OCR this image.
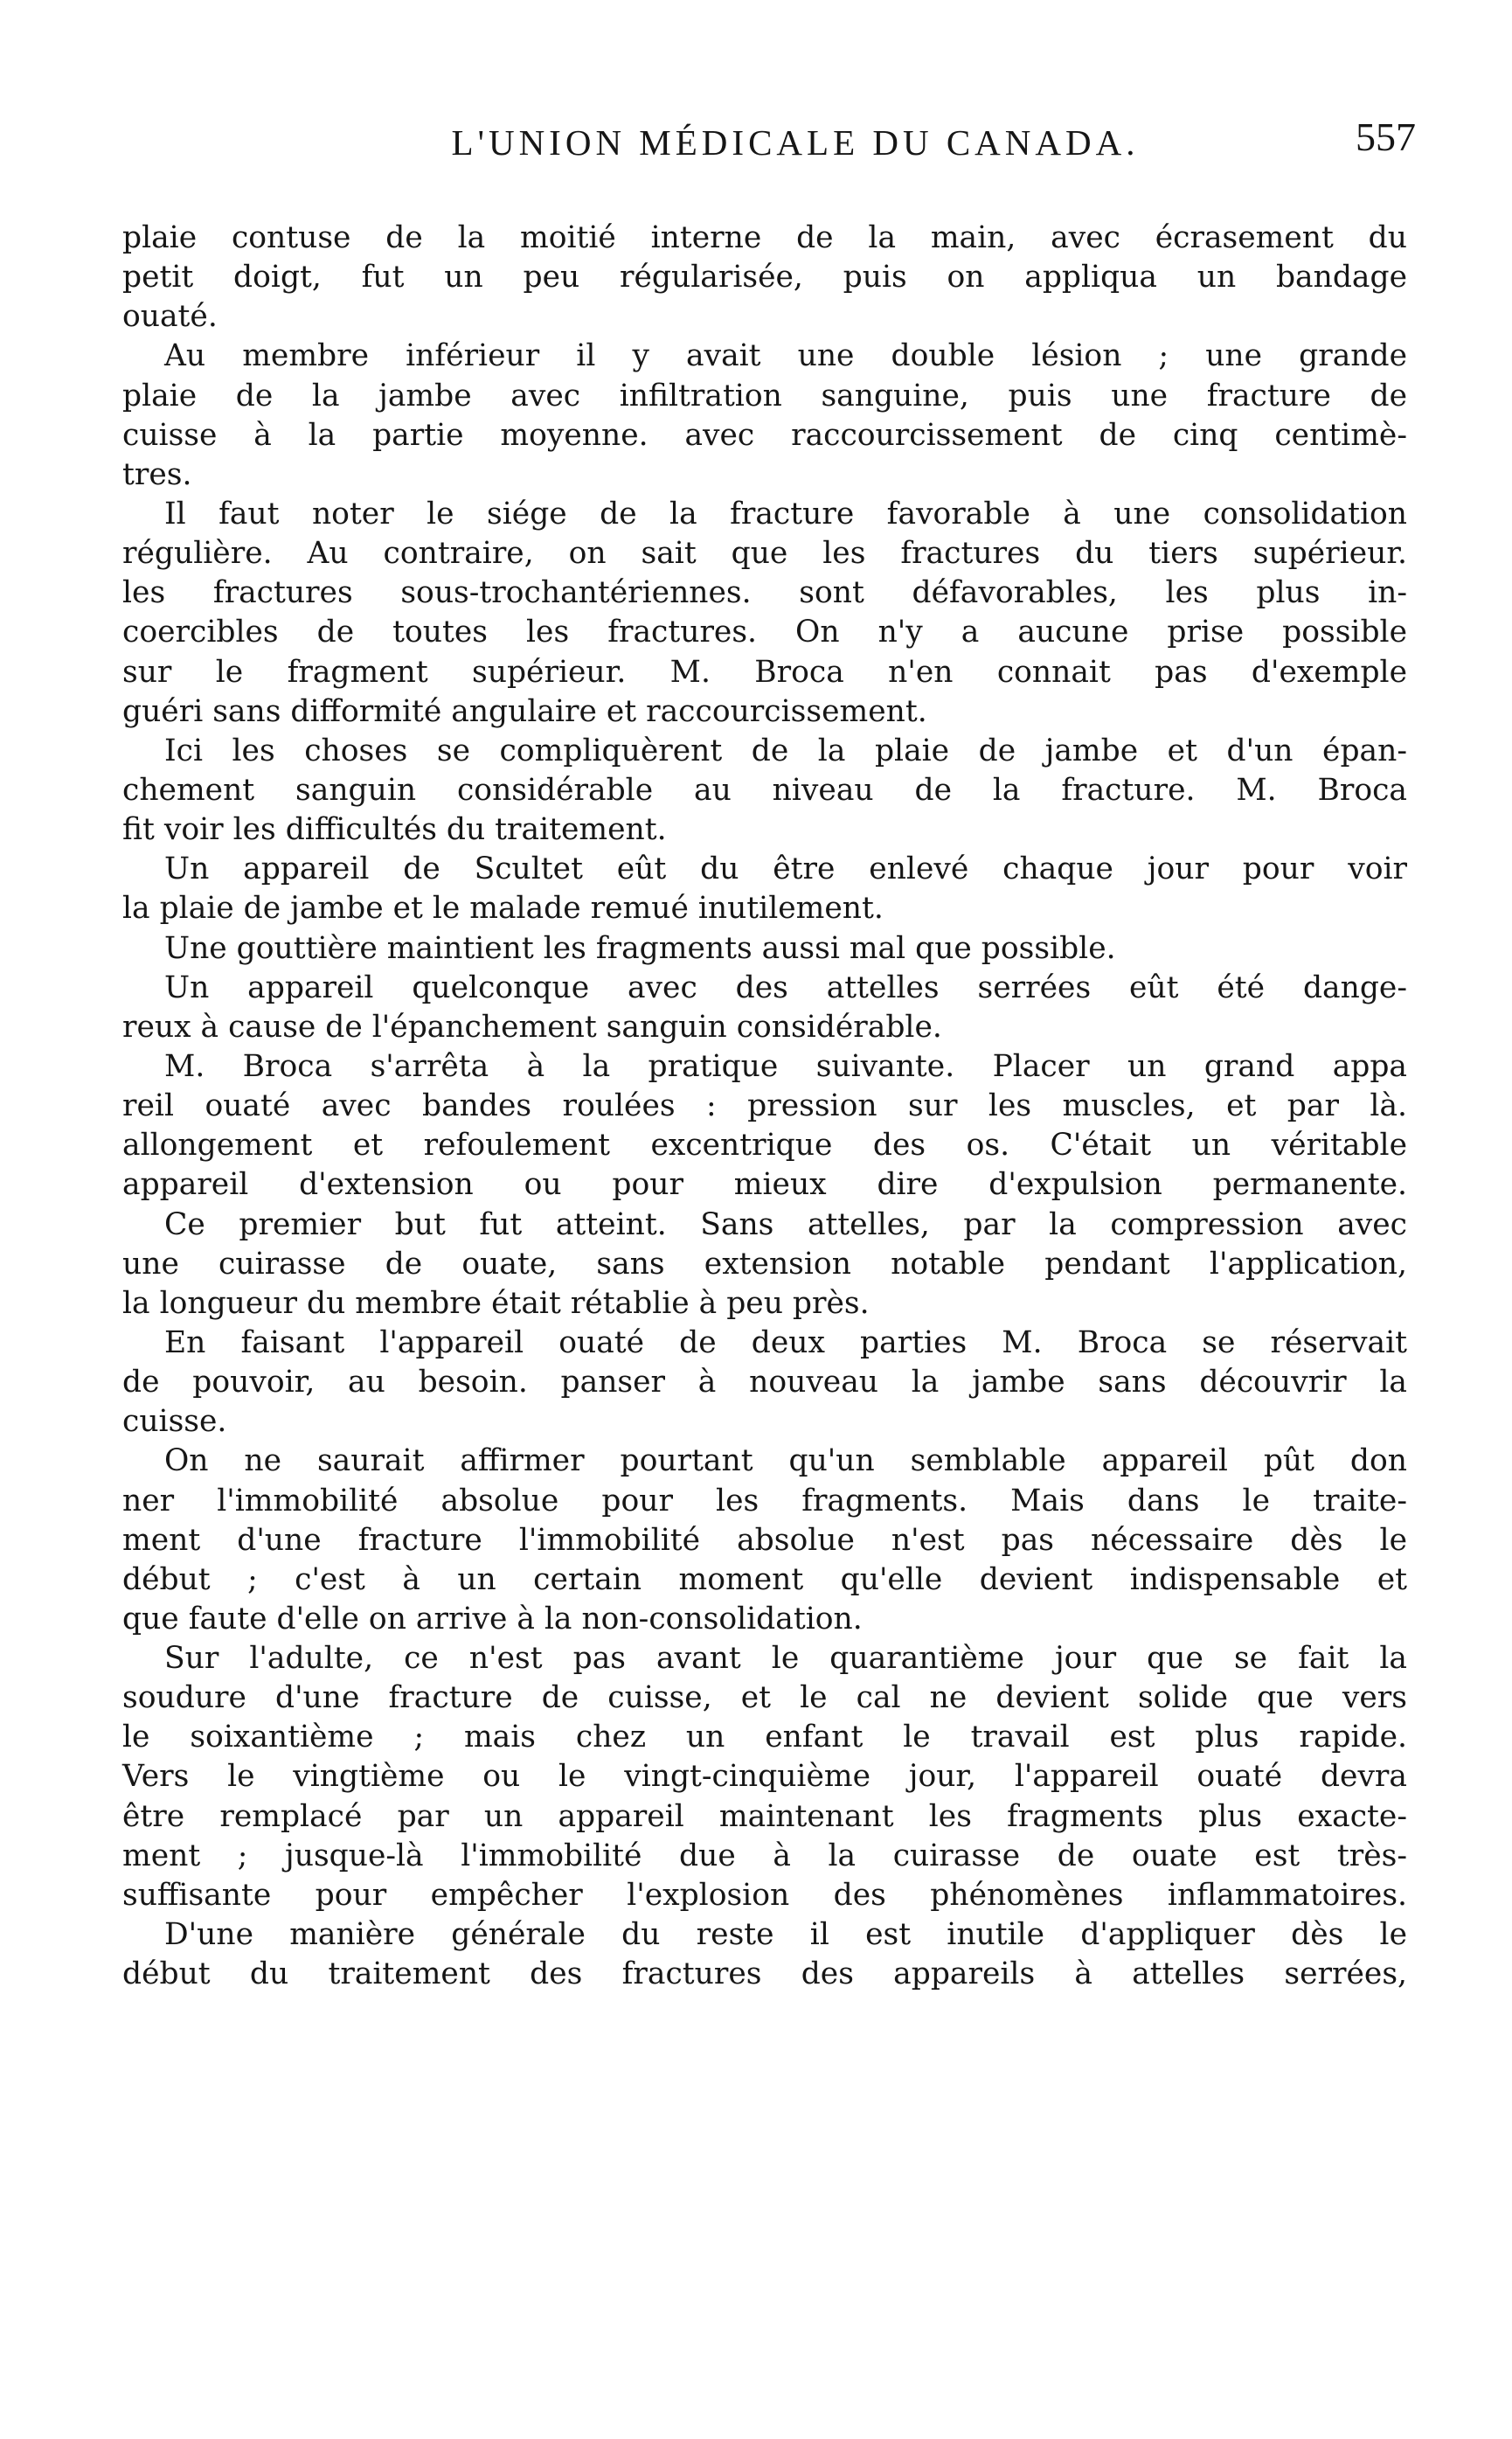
L'UNION MÉDICALE DU CANADA.	557
plaie contuse de la moitié interne de la main, avec écrasement du
petit doigt, fut un peu régularisée, puis on appliqua un bandage
ouaté.
Au membre inférieur il y avait une double lésion ; une grande
plaie de la jambe avec infiltration sanguine, puis une fracture de
cuisse à la partie moyenne. avec raccourcissement de cinq centimè-
tres.
Il faut noter le siége de la fracture favorable à une consolidation
régulière. Au contraire, on sait que les fractures du tiers supérieur.
les fractures sous-trochantériennes. sont défavorables, les plus in-
coercibles de toutes les fractures. On n'y a aucune prise possible
sur le fragment supérieur. M. Broca n'en connait pas d'exemple
guéri sans difformité angulaire et raccourcissement.
Ici les choses se compliquèrent de la plaie de jambe et d'un épan-
chement sanguin considérable au niveau de la fracture. M. Broca
fit voir les difficultés du traitement.
Un appareil de Scultet eût du être enlevé chaque jour pour voir
la plaie de jambe et le malade remué inutilement.
Une gouttière maintient les fragments aussi mal que possible.
Un appareil quelconque avec des attelles serrées eût été dange-
reux à cause de l'épanchement sanguin considérable.
M. Broca s'arrêta à la pratique suivante. Placer un grand appa
reil ouaté avec bandes roulées : pression sur les muscles, et par là.
allongement et refoulement excentrique des os. C'était un véritable
appareil d'extension ou pour mieux dire d'expulsion permanente.
Ce premier but fut atteint. Sans attelles, par la compression avec
une cuirasse de ouate, sans extension notable pendant l'application,
la longueur du membre était rétablie à peu près.
En faisant l'appareil ouaté de deux parties M. Broca se réservait
de pouvoir, au besoin. panser à nouveau la jambe sans découvrir la
cuisse.
On ne saurait affirmer pourtant qu'un semblable appareil pût don
ner l'immobilité absolue pour les fragments. Mais dans le traite-
ment d'une fracture l'immobilité absolue n'est pas nécessaire dès le
début ; c'est à un certain moment qu'elle devient indispensable et
que faute d'elle on arrive à la non-consolidation.
Sur l'adulte, ce n'est pas avant le quarantième jour que se fait la
soudure d'une fracture de cuisse, et le cal ne devient solide que vers
le soixantième ; mais chez un enfant le travail est plus rapide.
Vers le vingtième ou le vingt-cinquième jour, l'appareil ouaté devra
être remplacé par un appareil maintenant les fragments plus exacte-
ment ; jusque-là l'immobilité due à la cuirasse de ouate est très-
suffisante pour empêcher l'explosion des phénomènes inflammatoires.
D'une manière générale du reste il est inutile d'appliquer dès le
début du traitement des fractures des appareils à attelles serrées,
